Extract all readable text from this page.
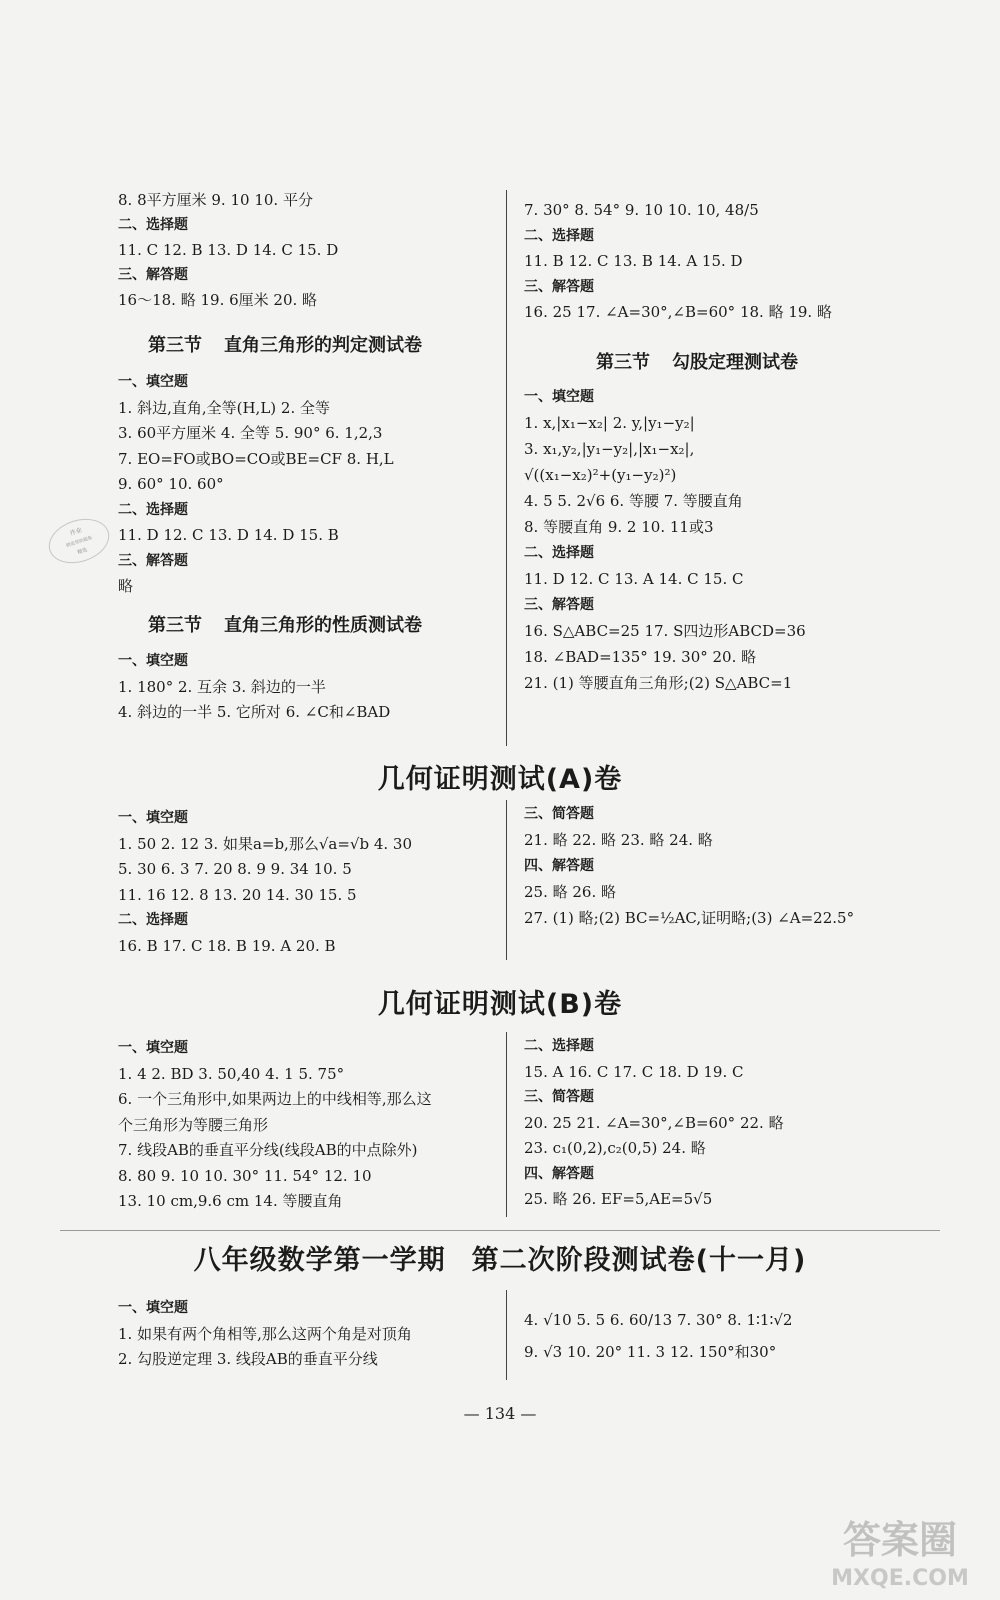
8. 8平方厘米 9. 10 10. 平分
二、选择题
11. C 12. B 13. D 14. C 15. D
三、解答题
16～18. 略 19. 6厘米 20. 略
第三节 直角三角形的判定测试卷
一、填空题
1. 斜边,直角,全等(H,L) 2. 全等
3. 60平方厘米 4. 全等 5. 90° 6. 1,2,3
7. EO=FO或BO=CO或BE=CF 8. H,L
9. 60° 10. 60°
二、选择题
11. D 12. C 13. D 14. D 15. B
三、解答题
略
第三节 直角三角形的性质测试卷
一、填空题
1. 180° 2. 互余 3. 斜边的一半
4. 斜边的一半 5. 它所对 6. ∠C和∠BAD
7. 30° 8. 54° 9. 10 10. 10, 48/5
二、选择题
11. B 12. C 13. B 14. A 15. D
三、解答题
16. 25 17. ∠A=30°,∠B=60° 18. 略 19. 略
第三节 勾股定理测试卷
一、填空题
1. x,|x₁−x₂| 2. y,|y₁−y₂|
3. x₁,y₂,|y₁−y₂|,|x₁−x₂|,
√((x₁−x₂)²+(y₁−y₂)²)
4. 5 5. 2√6 6. 等腰 7. 等腰直角
8. 等腰直角 9. 2 10. 11或3
二、选择题
11. D 12. C 13. A 14. C 15. C
三、解答题
16. S△ABC=25 17. S四边形ABCD=36
18. ∠BAD=135° 19. 30° 20. 略
21. (1) 等腰直角三角形;(2) S△ABC=1
几何证明测试(A)卷
一、填空题
1. 50 2. 12 3. 如果a=b,那么√a=√b 4. 30
5. 30 6. 3 7. 20 8. 9 9. 34 10. 5
11. 16 12. 8 13. 20 14. 30 15. 5
二、选择题
16. B 17. C 18. B 19. A 20. B
三、简答题
21. 略 22. 略 23. 略 24. 略
四、解答题
25. 略 26. 略
27. (1) 略;(2) BC=½AC,证明略;(3) ∠A=22.5°
几何证明测试(B)卷
一、填空题
1. 4 2. BD 3. 50,40 4. 1 5. 75°
6. 一个三角形中,如果两边上的中线相等,那么这
个三角形为等腰三角形
7. 线段AB的垂直平分线(线段AB的中点除外)
8. 80 9. 10 10. 30° 11. 54° 12. 10
13. 10 cm,9.6 cm 14. 等腰直角
二、选择题
15. A 16. C 17. C 18. D 19. C
三、简答题
20. 25 21. ∠A=30°,∠B=60° 22. 略
23. c₁(0,2),c₂(0,5) 24. 略
四、解答题
25. 略 26. EF=5,AE=5√5
八年级数学第一学期 第二次阶段测试卷(十一月)
一、填空题
1. 如果有两个角相等,那么这两个角是对顶角
2. 勾股逆定理 3. 线段AB的垂直平分线
4. √10 5. 5 6. 60/13 7. 30° 8. 1∶1∶√2
9. √3 10. 20° 11. 3 12. 150°和30°
— 134 —
作业
精选帮助题集
精选
答案圈
MXQE.COM
